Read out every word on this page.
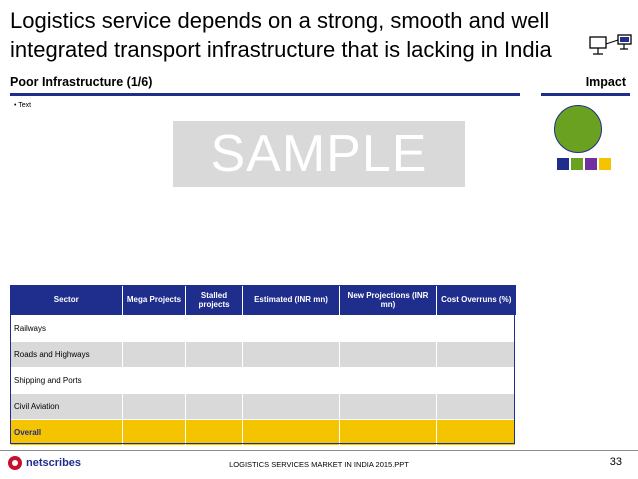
Logistics service depends on a strong, smooth and well integrated transport infrastructure that is lacking in India
Poor Infrastructure (1/6)	Impact
• Text
SAMPLE
Sector	Mega Projects	Stalled projects	Estimated (INR mn)	New Projections (INR mn)	Cost Overruns (%)
Railways					
Roads and Highways					
Shipping and Ports					
Civil Aviation					
Overall					
netscribes	LOGISTICS SERVICES MARKET IN INDIA 2015.PPT	33
